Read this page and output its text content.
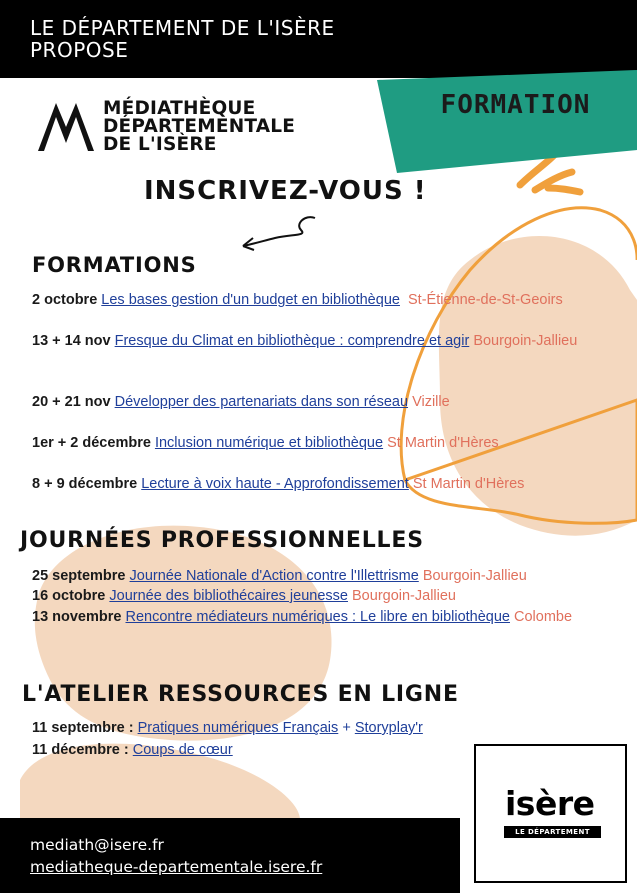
LE DÉPARTEMENT DE L'ISÈRE
PROPOSE
MÉDIATHÈQUE
DÉPARTEMENTALE
DE L'ISÈRE
FORMATION
INSCRIVEZ-VOUS !
FORMATIONS
2 octobre Les bases gestion d'un budget en bibliothèque St-Étienne-de-St-Geoirs
13 + 14 nov Fresque du Climat en bibliothèque : comprendre et agir Bourgoin-Jallieu
20 + 21 nov Développer des partenariats dans son réseau Vizille
1er + 2 décembre Inclusion numérique et bibliothèque St Martin d'Hères
8 + 9 décembre Lecture à voix haute - Approfondissement St Martin d'Hères
JOURNÉES PROFESSIONNELLES
25 septembre Journée Nationale d'Action contre l'Illettrisme Bourgoin-Jallieu
16 octobre Journée des bibliothécaires jeunesse Bourgoin-Jallieu
13 novembre Rencontre médiateurs numériques : Le libre en bibliothèque Colombe
L'ATELIER RESSOURCES EN LIGNE
11 septembre : Pratiques numériques Français + Storyplay'r
11 décembre : Coups de cœur
mediath@isere.fr
mediatheque-departementale.isere.fr
isère
LE DÉPARTEMENT
